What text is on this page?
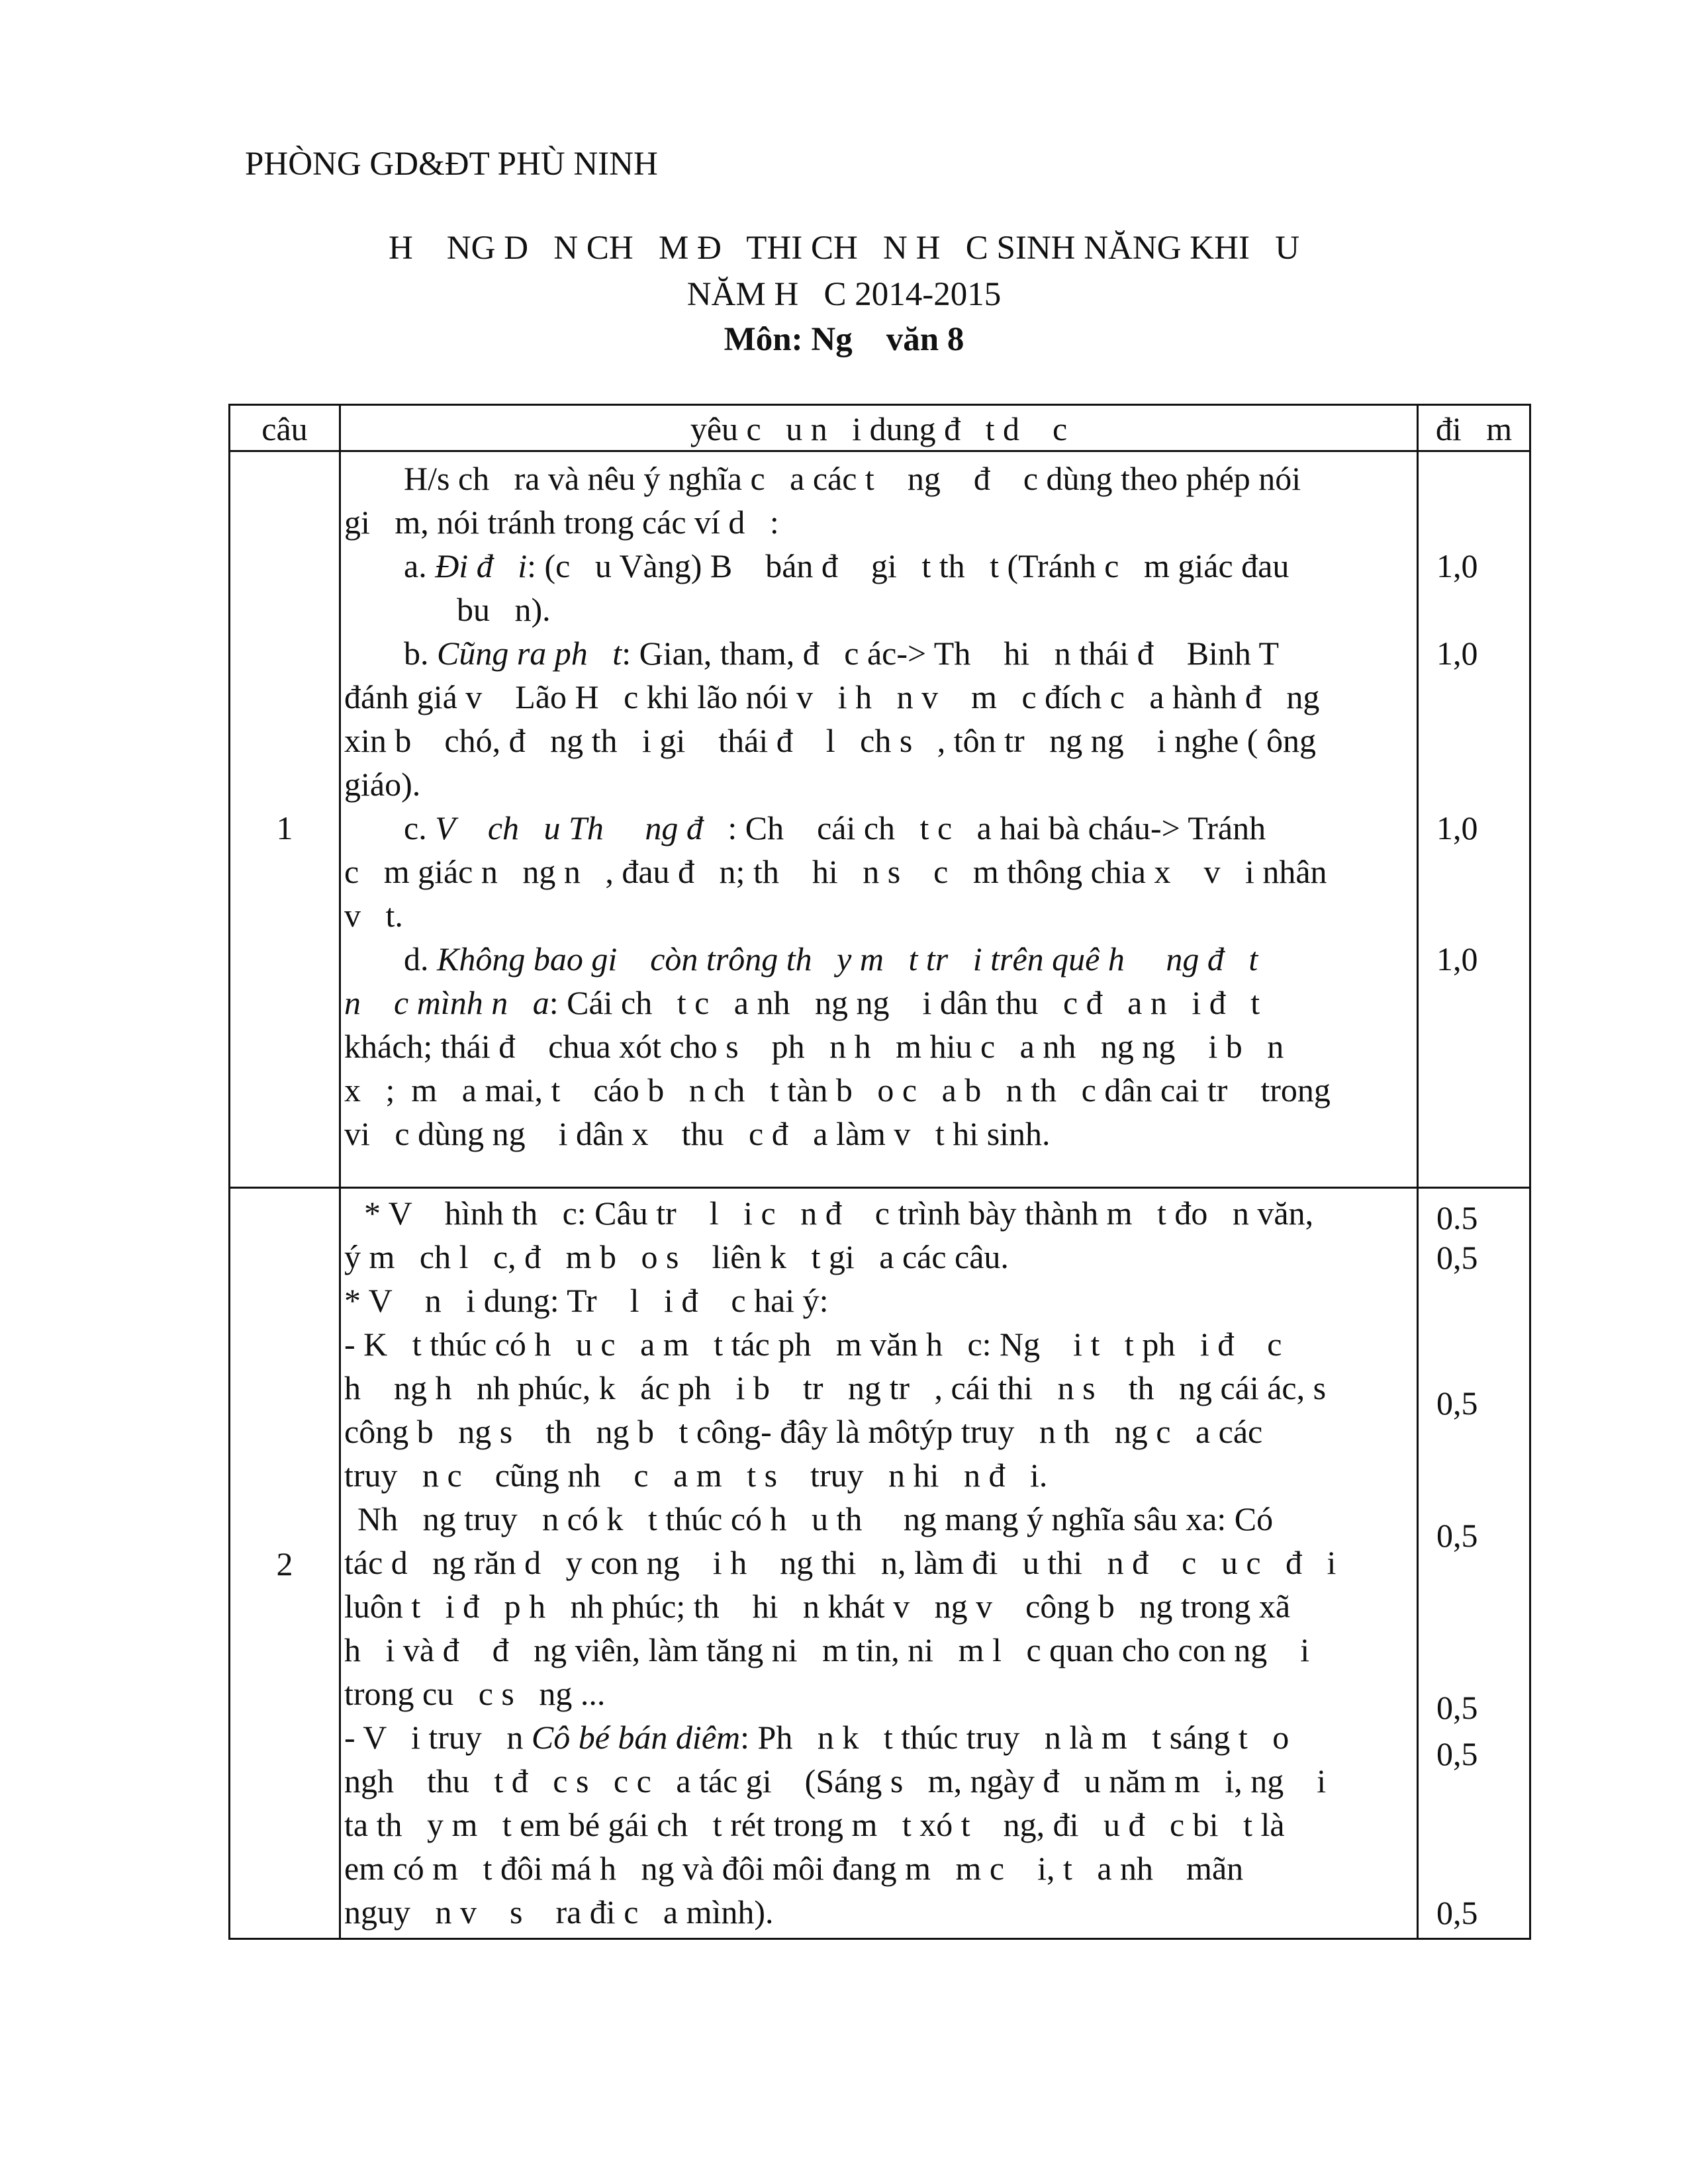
PHÒNG GD&ĐT PHÙ NINH
H    NG D   N CH   M Đ   THI CH   N H   C SINH NĂNG KHI   U
NĂM H   C 2014-2015
Môn: Ng    văn 8
câu	yêu c   u n   i dung đ   t d    c	đi   m
1
H/s ch   ra và nêu ý nghĩa c   a các t    ng    đ    c dùng theo phép nói
gi   m, nói tránh trong các ví d   :
a. Đi đ   i: (c   u Vàng) B    bán đ    gi   t th   t (Tránh c   m giác đau
bu   n).
b. Cũng ra ph   t: Gian, tham, đ   c ác-> Th    hi   n thái đ    Binh T
đánh giá v    Lão H   c khi lão nói v   i h   n v    m   c đích c   a hành đ   ng
xin b    chó, đ   ng th   i gi    thái đ    l   ch s   , tôn tr   ng ng    i nghe ( ông
giáo).
c. V    ch   u Th     ng đ   : Ch    cái ch   t c   a hai bà cháu-> Tránh
c   m giác n   ng n   , đau đ   n; th    hi   n s    c   m thông chia x    v   i nhân
v   t.
d. Không bao gi    còn trông th   y m   t tr   i trên quê h     ng đ   t
n    c mình n   a: Cái ch   t c   a nh   ng ng    i dân thu   c đ   a n   i đ   t
khách; thái đ    chua xót cho s    ph   n h   m hiu c   a nh   ng ng    i b   n
x   ;  m   a mai, t    cáo b   n ch   t tàn b   o c   a b   n th   c dân cai tr    trong
vi   c dùng ng    i dân x    thu   c đ   a làm v   t hi sinh.
1,0
1,0
1,0
1,0
2
* V    hình th   c: Câu tr    l   i c   n đ    c trình bày thành m   t đo   n văn,
ý m   ch l   c, đ   m b   o s    liên k   t gi   a các câu.
* V    n   i dung: Tr    l   i đ    c hai ý:
- K   t thúc có h   u c   a m   t tác ph   m văn h   c: Ng    i t   t ph   i đ    c
h    ng h   nh phúc, k   ác ph   i b    tr   ng tr   , cái thi   n s    th   ng cái ác, s
công b   ng s    th   ng b   t công- đây là môtýp truy   n th   ng c   a các
truy   n c    cũng nh    c   a m   t s    truy   n hi   n đ   i.
Nh   ng truy   n có k   t thúc có h   u th     ng mang ý nghĩa sâu xa: Có
tác d   ng răn d   y con ng    i h    ng thi   n, làm đi   u thi   n đ    c   u c   đ   i
luôn t   i đ   p h   nh phúc; th    hi   n khát v   ng v    công b   ng trong xã
h   i và đ    đ   ng viên, làm tăng ni   m tin, ni   m l   c quan cho con ng    i
trong cu   c s   ng ...
- V   i truy   n Cô bé bán diêm: Ph   n k   t thúc truy   n là m   t sáng t   o
ngh    thu   t đ   c s   c c   a tác gi    (Sáng s   m, ngày đ   u năm m   i, ng    i
ta th   y m   t em bé gái ch   t rét trong m   t xó t    ng, đi   u đ   c bi   t là
em có m   t đôi má h   ng và đôi môi đang m   m c    i, t   a nh    mãn
nguy   n v    s    ra đi c   a mình).
0.5
0,5
0,5
0,5
0,5
0,5
0,5
